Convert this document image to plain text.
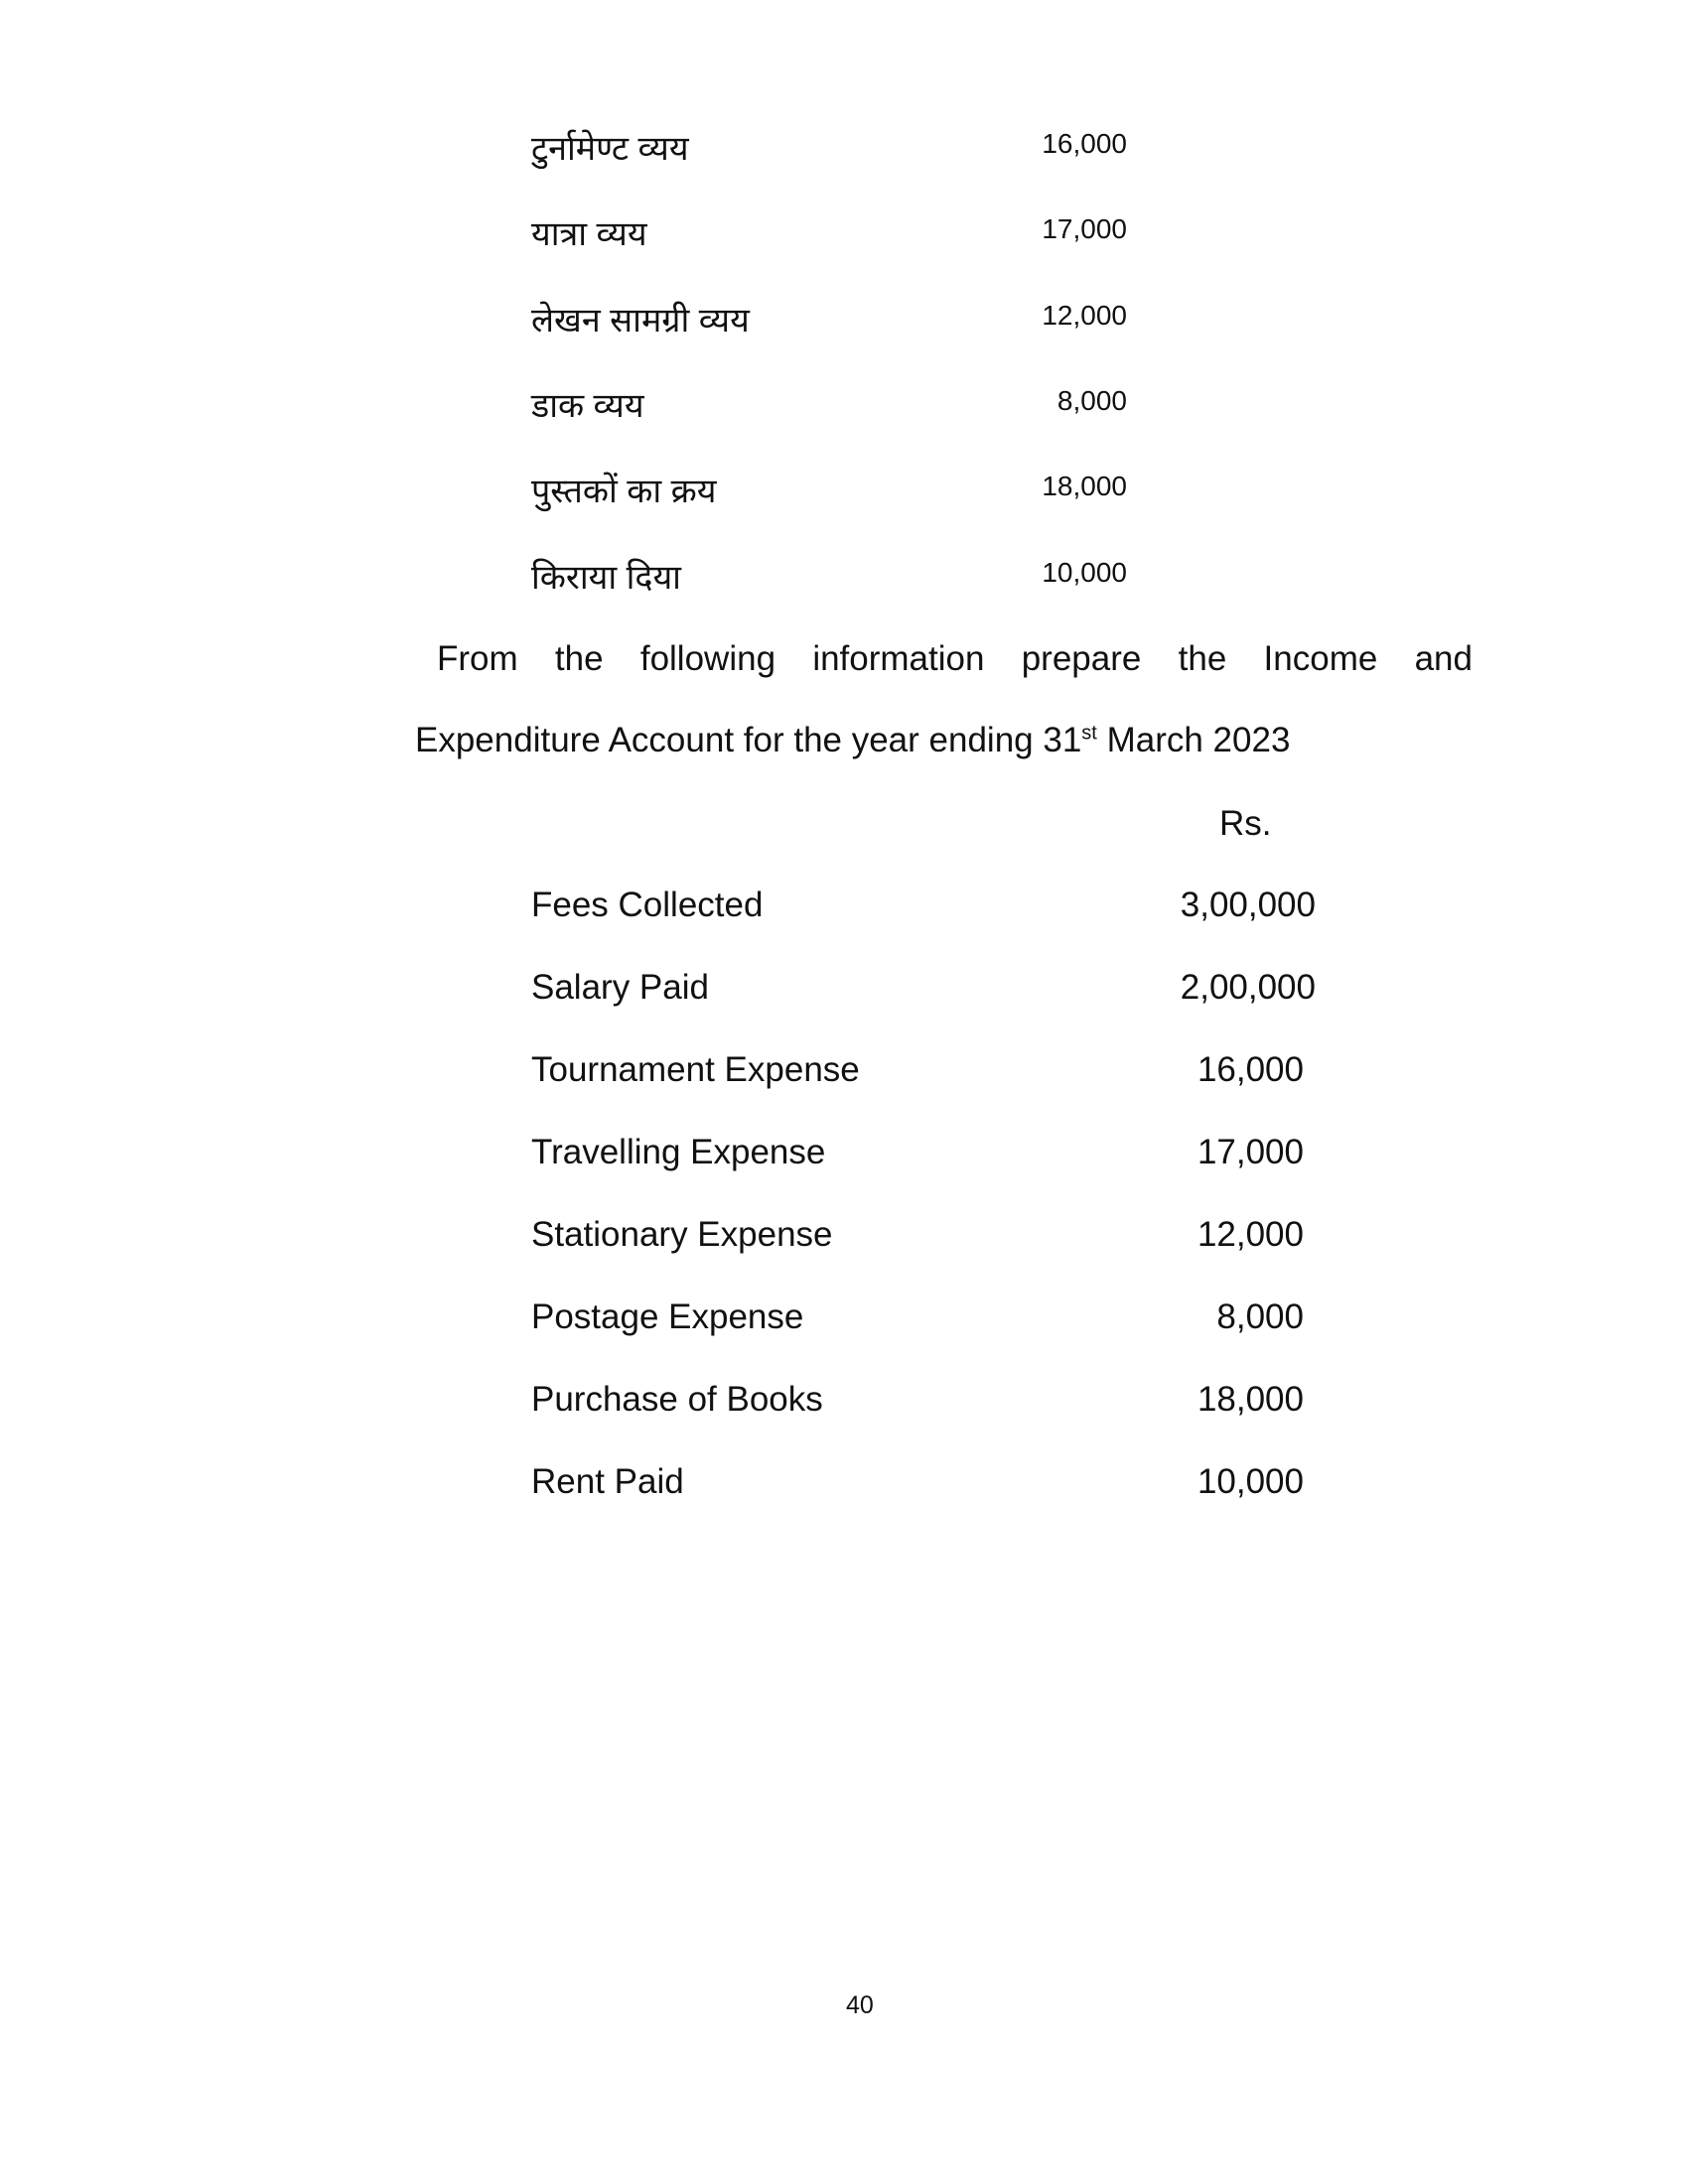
टुर्नामेण्ट व्यय	16,000
यात्रा व्यय	17,000
लेखन सामग्री व्यय	12,000
डाक व्यय	8,000
पुस्तकों का क्रय	18,000
किराया दिया	10,000
From the following information prepare the Income and
Expenditure Account for the year ending 31st March 2023
Rs.
Fees Collected	3,00,000
Salary Paid	2,00,000
Tournament Expense	16,000
Travelling Expense	17,000
Stationary Expense	12,000
Postage Expense	8,000
Purchase of Books	18,000
Rent Paid	10,000
40
